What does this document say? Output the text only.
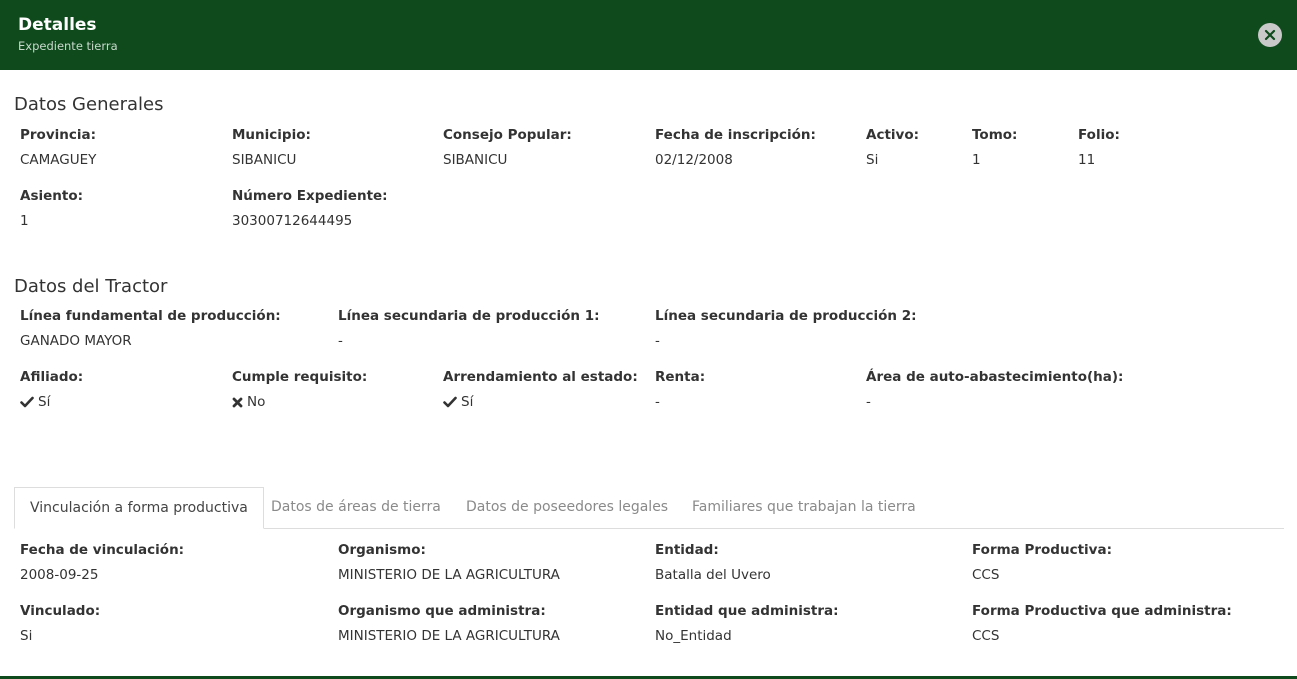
Detalles
Expediente tierra
Datos Generales
Provincia:
CAMAGUEY
Municipio:
SIBANICU
Consejo Popular:
SIBANICU
Fecha de inscripción:
02/12/2008
Activo:
Si
Tomo:
1
Folio:
11
Asiento:
1
Número Expediente:
30300712644495
Datos del Tractor
Línea fundamental de producción:
GANADO MAYOR
Línea secundaria de producción 1:
-
Línea secundaria de producción 2:
-
Afiliado:
Sí
Cumple requisito:
No
Arrendamiento al estado:
Sí
Renta:
-
Área de auto-abastecimiento(ha):
-
Vinculación a forma productiva	Datos de áreas de tierra Datos de poseedores legales Familiares que trabajan la tierra
Fecha de vinculación:
2008-09-25
Organismo:
MINISTERIO DE LA AGRICULTURA
Entidad:
Batalla del Uvero
Forma Productiva:
CCS
Vinculado:
Si
Organismo que administra:
MINISTERIO DE LA AGRICULTURA
Entidad que administra:
No_Entidad
Forma Productiva que administra:
CCS
